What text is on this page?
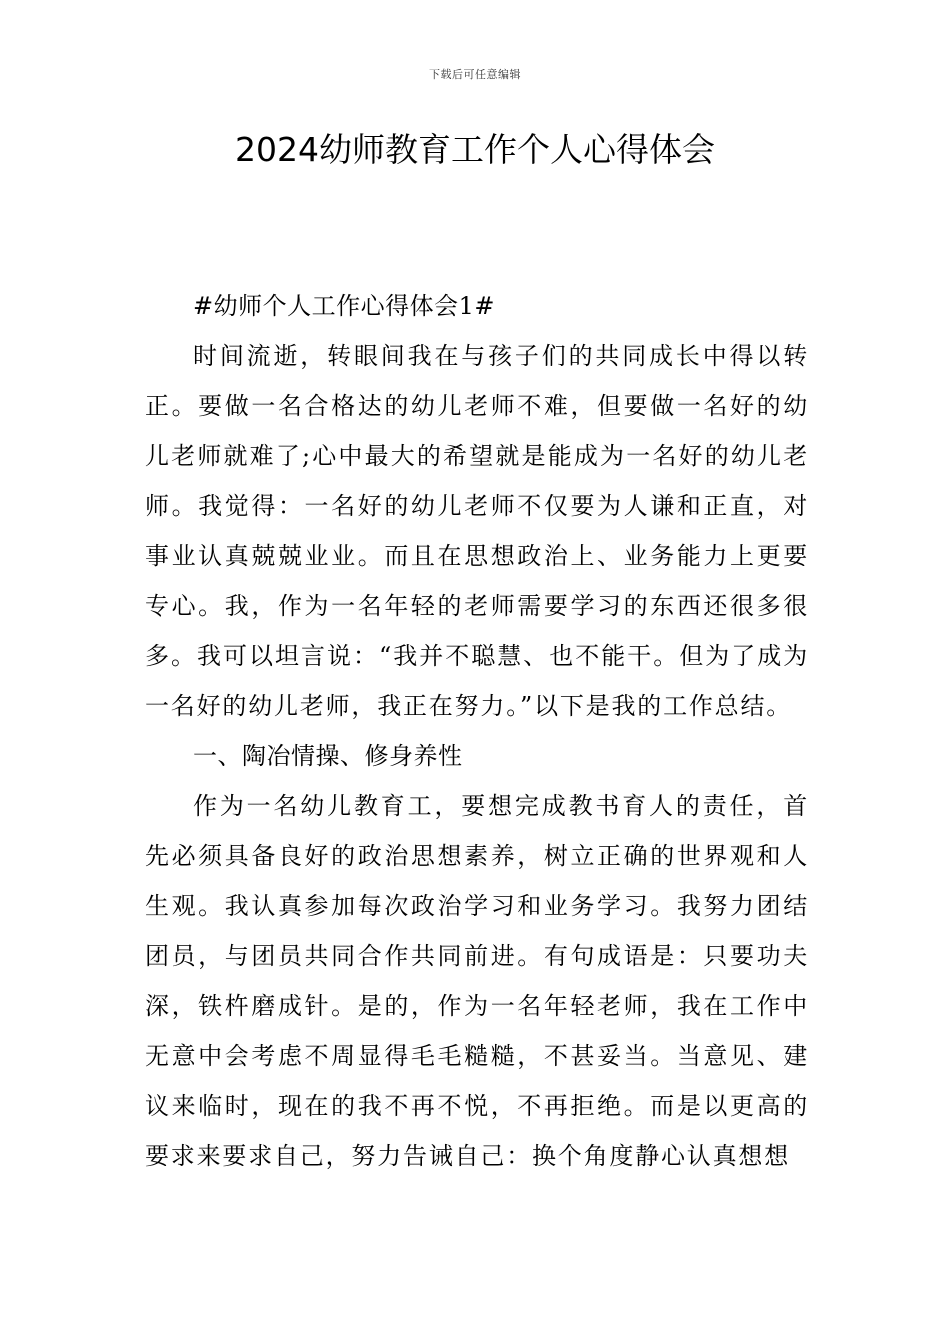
下载后可任意编辑
2024幼师教育工作个人心得体会

#幼师个人工作心得体会1#

时间流逝，转眼间我在与孩子们的共同成长中得以转正。要做一名合格达的幼儿老师不难，但要做一名好的幼儿老师就难了;心中最大的希望就是能成为一名好的幼儿老师。我觉得：一名好的幼儿老师不仅要为人谦和正直，对事业认真兢兢业业。而且在思想政治上、业务能力上更要专心。我，作为一名年轻的老师需要学习的东西还很多很多。我可以坦言说：“我并不聪慧、也不能干。但为了成为一名好的幼儿老师，我正在努力。”以下是我的工作总结。

一、陶冶情操、修身养性

作为一名幼儿教育工，要想完成教书育人的责任，首先必须具备良好的政治思想素养，树立正确的世界观和人生观。我认真参加每次政治学习和业务学习。我努力团结团员，与团员共同合作共同前进。有句成语是：只要功夫深，铁杵磨成针。是的，作为一名年轻老师，我在工作中无意中会考虑不周显得毛毛糙糙，不甚妥当。当意见、建议来临时，现在的我不再不悦，不再拒绝。而是以更高的要求来要求自己，努力告诫自己：换个角度静心认真想想
